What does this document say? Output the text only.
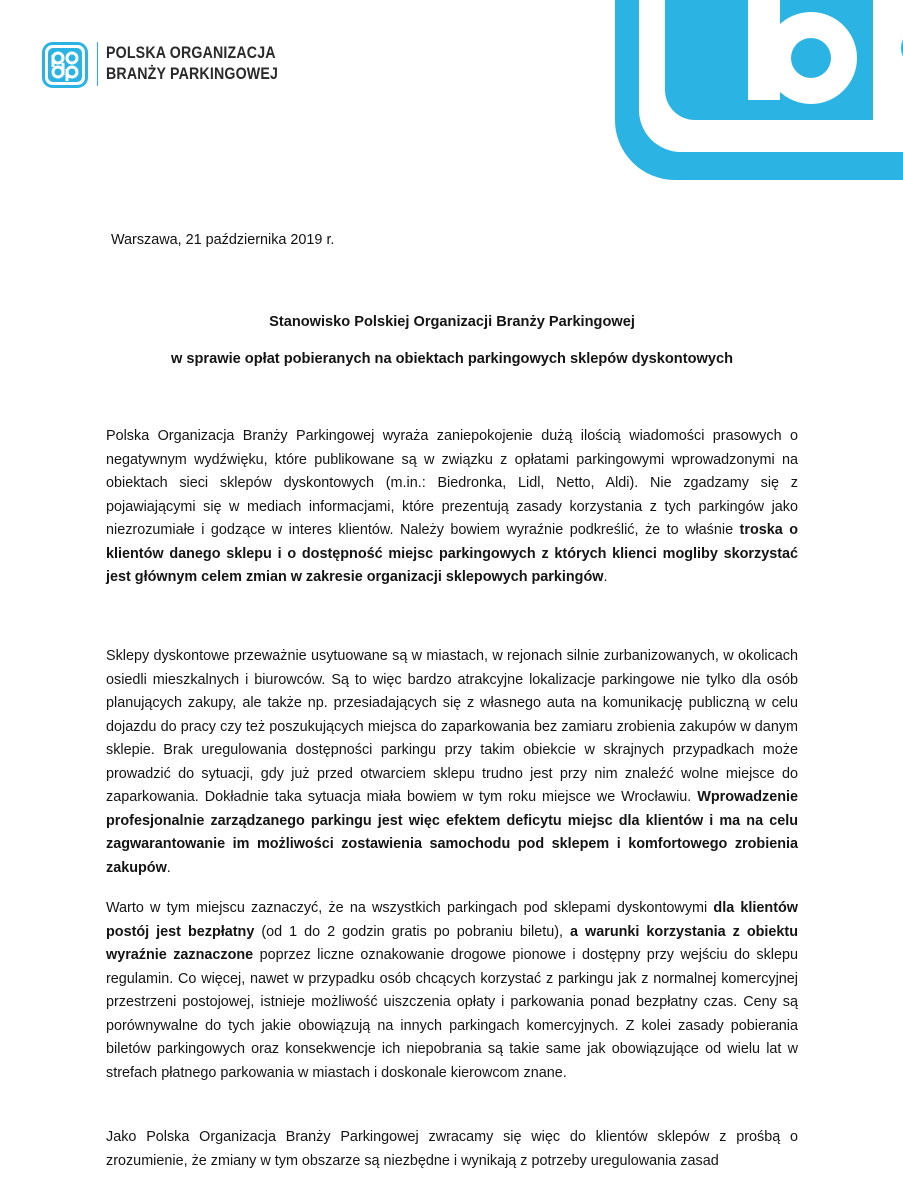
POLSKA ORGANIZACJA
BRANŻY PARKINGOWEJ
Warszawa, 21 października 2019 r.
Stanowisko Polskiej Organizacji Branży Parkingowej
w sprawie opłat pobieranych na obiektach parkingowych sklepów dyskontowych
Polska Organizacja Branży Parkingowej wyraża zaniepokojenie dużą ilością wiadomości prasowych o negatywnym wydźwięku, które publikowane są w związku z opłatami parkingowymi wprowadzonymi na obiektach sieci sklepów dyskontowych (m.in.: Biedronka, Lidl, Netto, Aldi). Nie zgadzamy się z pojawiającymi się w mediach informacjami, które prezentują zasady korzystania z tych parkingów jako niezrozumiałe i godzące w interes klientów. Należy bowiem wyraźnie podkreślić, że to właśnie troska o klientów danego sklepu i o dostępność miejsc parkingowych z których klienci mogliby skorzystać jest głównym celem zmian w zakresie organizacji sklepowych parkingów.
Sklepy dyskontowe przeważnie usytuowane są w miastach, w rejonach silnie zurbanizowanych, w okolicach osiedli mieszkalnych i biurowców. Są to więc bardzo atrakcyjne lokalizacje parkingowe nie tylko dla osób planujących zakupy, ale także np. przesiadających się z własnego auta na komunikację publiczną w celu dojazdu do pracy czy też poszukujących miejsca do zaparkowania bez zamiaru zrobienia zakupów w danym sklepie. Brak uregulowania dostępności parkingu przy takim obiekcie w skrajnych przypadkach może prowadzić do sytuacji, gdy już przed otwarciem sklepu trudno jest przy nim znaleźć wolne miejsce do zaparkowania. Dokładnie taka sytuacja miała bowiem w tym roku miejsce we Wrocławiu. Wprowadzenie profesjonalnie zarządzanego parkingu jest więc efektem deficytu miejsc dla klientów i ma na celu zagwarantowanie im możliwości zostawienia samochodu pod sklepem i komfortowego zrobienia zakupów.
Warto w tym miejscu zaznaczyć, że na wszystkich parkingach pod sklepami dyskontowymi dla klientów postój jest bezpłatny (od 1 do 2 godzin gratis po pobraniu biletu), a warunki korzystania z obiektu wyraźnie zaznaczone poprzez liczne oznakowanie drogowe pionowe i dostępny przy wejściu do sklepu regulamin. Co więcej, nawet w przypadku osób chcących korzystać z parkingu jak z normalnej komercyjnej przestrzeni postojowej, istnieje możliwość uiszczenia opłaty i parkowania ponad bezpłatny czas. Ceny są porównywalne do tych jakie obowiązują na innych parkingach komercyjnych. Z kolei zasady pobierania biletów parkingowych oraz konsekwencje ich niepobrania są takie same jak obowiązujące od wielu lat w strefach płatnego parkowania w miastach i doskonale kierowcom znane.
Jako Polska Organizacja Branży Parkingowej zwracamy się więc do klientów sklepów z prośbą o zrozumienie, że zmiany w tym obszarze są niezbędne i wynikają z potrzeby uregulowania zasad
